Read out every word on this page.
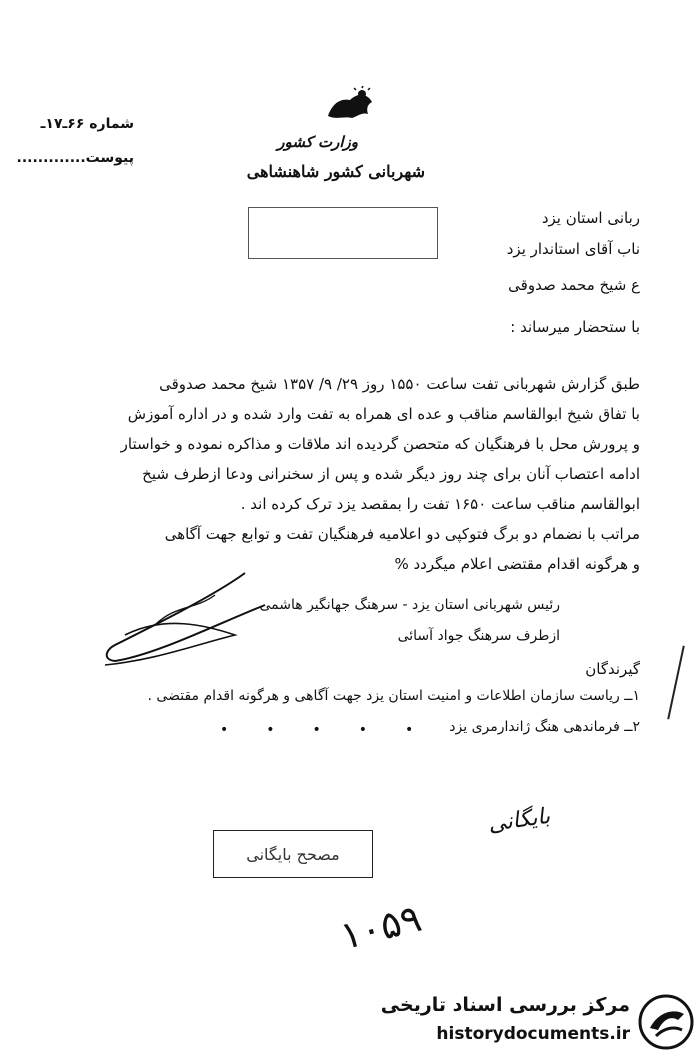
وزارت کشور
شهربانی کشور شاهنشاهی
شماره ۶۶ـ۱۷ـ
پیوست.............
ربانی استان یزد
ناب آقای استاندار یزد
ع شیخ محمد صدوقی
با ستحضار میرساند :
طبق گزارش شهربانی تفت ساعت ۱۵۵۰ روز ۲۹/ ۹/ ۱۳۵۷ شیخ محمد صدوقی
با تفاق شیخ ابوالقاسم مناقب و عده ای همراه به تفت وارد شده و در اداره آموزش
و پرورش محل با فرهنگیان که متحصن گردیده اند ملاقات و مذاکره نموده و خواستار
ادامه اعتصاب آنان برای چند روز دیگر شده و پس از سخنرانی ودعا ازطرف شیخ
ابوالقاسم مناقب ساعت ۱۶۵۰ تفت را بمقصد یزد ترک کرده اند .
مراتب با نضمام دو برگ فتوکپی دو اعلامیه فرهنگیان تفت و توابع جهت آگاهی
و هرگونه اقدام مقتضی اعلام میگردد %
رئیس شهربانی استان یزد - سرهنگ جهانگیر هاشمی
ازطرف سرهنگ جواد آسائی
گیرندگان
۱ــ ریاست سازمان اطلاعات و امنیت استان یزد جهت آگاهی و هرگونه اقدام مقتضی .
۲ــ فرماندهی هنگ ژاندارمری یزد
•••••
مصحح بایگانی
بایگانی
۱۰۵۹
مرکز بررسی اسناد تاریخی
historydocuments.ir
